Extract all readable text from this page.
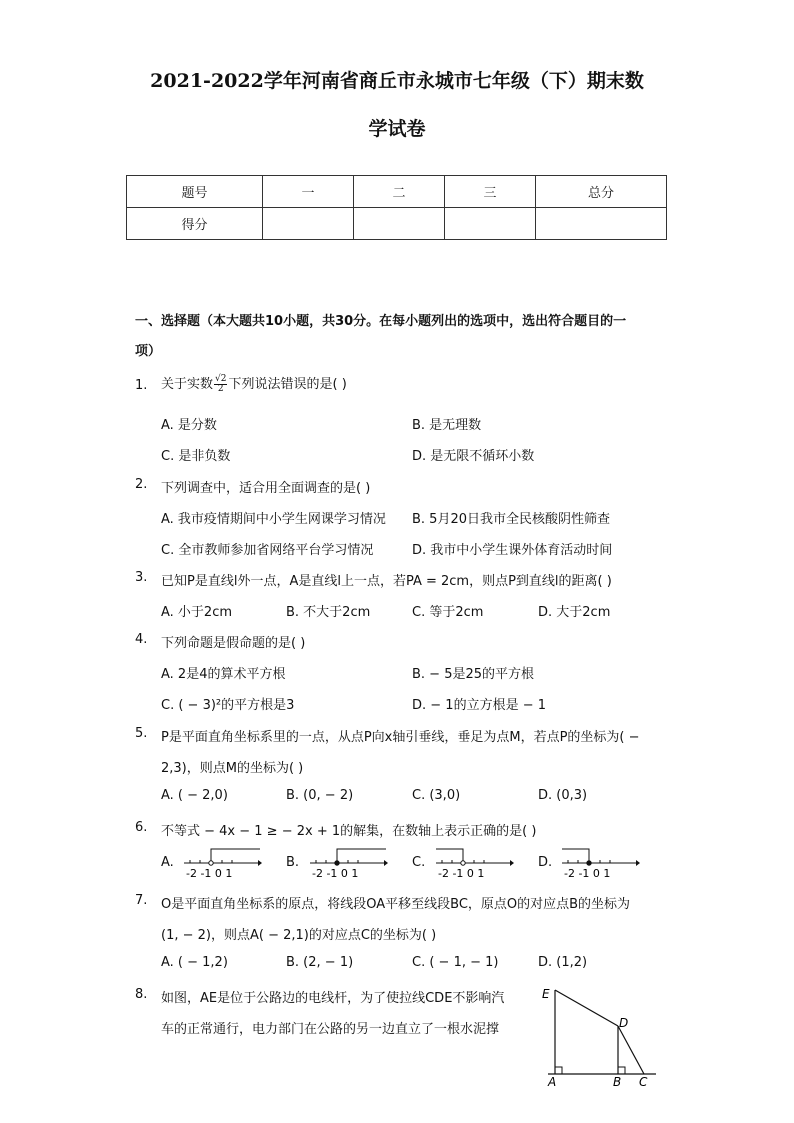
2021-2022学年河南省商丘市永城市七年级（下）期末数
学试卷
题号	一	二	三	总分
得分				
一、选择题（本大题共10小题，共30分。在每小题列出的选项中，选出符合题目的一
项）
1. 关于实数 $\frac{√2}{2}$ 下列说法错误的是( )
A. 是分数	B. 是无理数
C. 是非负数	D. 是无限不循环小数
2. 下列调查中，适合用全面调查的是( )
A. 我市疫情期间中小学生网课学习情况 B. 5月20日我市全民核酸阴性筛查
C. 全市教师参加省网络平台学习情况	D. 我市中小学生课外体育活动时间
3. 已知P是直线l外一点，A是直线l上一点，若PA = 2cm，则点P到直线l的距离( )
A. 小于2cm	B. 不大于2cm	C. 等于2cm	D. 大于2cm
4. 下列命题是假命题的是( )
A. 2是4的算术平方根	B. − 5是25的平方根
C. ( − 3)²的平方根是3	D. − 1的立方根是 − 1
5. P是平面直角坐标系里的一点，从点P向x轴引垂线，垂足为点M，若点P的坐标为( −
2,3)，则点M的坐标为( )
A. ( − 2,0)	B. (0, − 2)	C. (3,0)	D. (0,3)
6. 不等式 − 4x − 1 ≥ − 2x + 1的解集，在数轴上表示正确的是( )
A.
-2 -1 0 1
B.
-2 -1 0 1
C.
-2 -1 0 1
D.
-2 -1 0 1
7. O是平面直角坐标系的原点，将线段OA平移至线段BC，原点O的对应点B的坐标为
(1, − 2)，则点A( − 2,1)的对应点C的坐标为( )
A. ( − 1,2)	B. (2, − 1)	C. ( − 1, − 1)	D. (1,2)
8. 如图，AE是位于公路边的电线杆，为了使拉线CDE不影响汽
车的正常通行，电力部门在公路的另一边直立了一根水泥撑
E
D
A	B C
